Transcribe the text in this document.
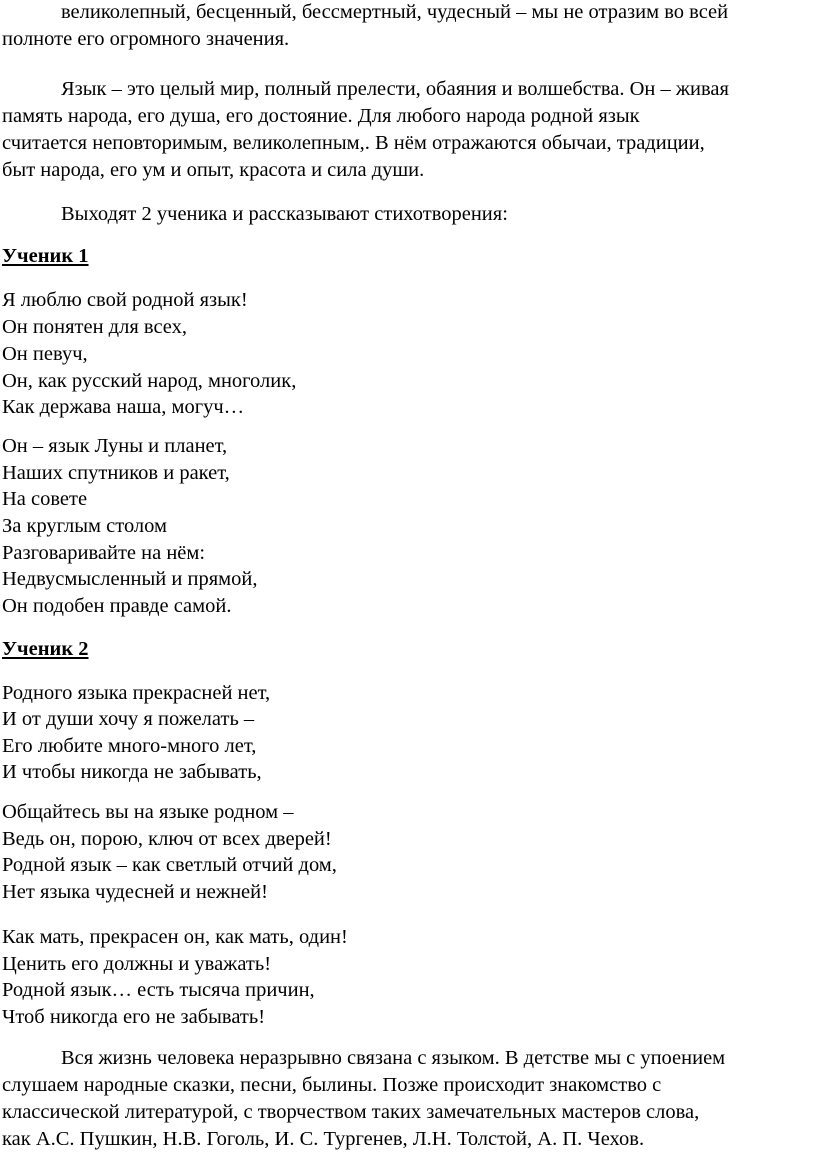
великолепный, бесценный, бессмертный, чудесный – мы не отразим во всей
полноте его огромного значения.
Язык – это целый мир, полный прелести, обаяния и волшебства. Он – живая
память народа, его душа, его достояние. Для любого народа родной язык
считается неповторимым, великолепным,. В нём отражаются обычаи, традиции,
быт народа, его ум и опыт, красота и сила души.
Выходят 2 ученика и рассказывают стихотворения:
Ученик 1
Я люблю свой родной язык!
Он понятен для всех,
Он певуч,
Он, как русский народ, многолик,
Как держава наша, могуч…
Он – язык Луны и планет,
Наших спутников и ракет,
На совете
За круглым столом
Разговаривайте на нём:
Недвусмысленный и прямой,
Он подобен правде самой.
Ученик 2
Родного языка прекрасней нет,
И от души хочу я пожелать –
Его любите много-много лет,
И чтобы никогда не забывать,
Общайтесь вы на языке родном –
Ведь он, порою, ключ от всех дверей!
Родной язык – как светлый отчий дом,
Нет языка чудесней и нежней!
Как мать, прекрасен он, как мать, один!
Ценить его должны и уважать!
Родной язык… есть тысяча причин,
Чтоб никогда его не забывать!
Вся жизнь человека неразрывно связана с языком. В детстве мы с упоением
слушаем народные сказки, песни, былины. Позже происходит знакомство с
классической литературой, с творчеством таких замечательных мастеров слова,
как А.С. Пушкин, Н.В. Гоголь, И. С. Тургенев, Л.Н. Толстой, А. П. Чехов.
